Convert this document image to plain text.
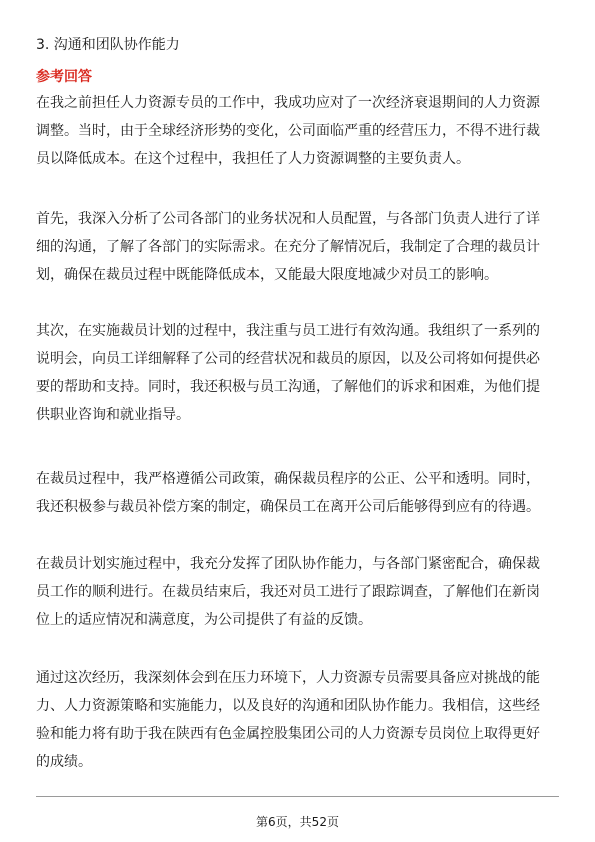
3. 沟通和团队协作能力
参考回答
在我之前担任人力资源专员的工作中，我成功应对了一次经济衰退期间的人力资源
调整。当时，由于全球经济形势的变化，公司面临严重的经营压力，不得不进行裁
员以降低成本。在这个过程中，我担任了人力资源调整的主要负责人。
首先，我深入分析了公司各部门的业务状况和人员配置，与各部门负责人进行了详
细的沟通，了解了各部门的实际需求。在充分了解情况后，我制定了合理的裁员计
划，确保在裁员过程中既能降低成本，又能最大限度地减少对员工的影响。
其次，在实施裁员计划的过程中，我注重与员工进行有效沟通。我组织了一系列的
说明会，向员工详细解释了公司的经营状况和裁员的原因，以及公司将如何提供必
要的帮助和支持。同时，我还积极与员工沟通，了解他们的诉求和困难，为他们提
供职业咨询和就业指导。
在裁员过程中，我严格遵循公司政策，确保裁员程序的公正、公平和透明。同时，
我还积极参与裁员补偿方案的制定，确保员工在离开公司后能够得到应有的待遇。
在裁员计划实施过程中，我充分发挥了团队协作能力，与各部门紧密配合，确保裁
员工作的顺利进行。在裁员结束后，我还对员工进行了跟踪调查，了解他们在新岗
位上的适应情况和满意度，为公司提供了有益的反馈。
通过这次经历，我深刻体会到在压力环境下，人力资源专员需要具备应对挑战的能
力、人力资源策略和实施能力，以及良好的沟通和团队协作能力。我相信，这些经
验和能力将有助于我在陕西有色金属控股集团公司的人力资源专员岗位上取得更好
的成绩。
第6页，共52页
